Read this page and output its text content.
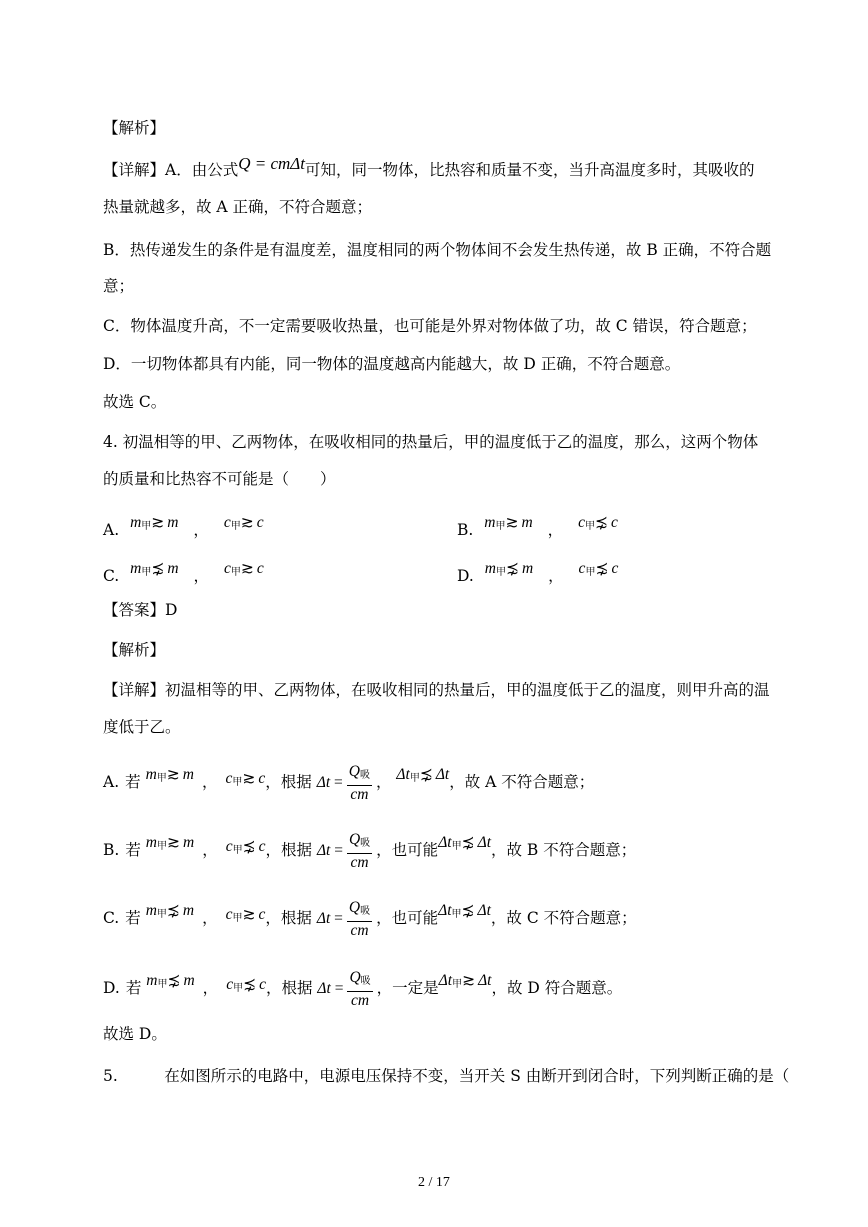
【解析】
【详解】A．由公式Q = cmΔt可知，同一物体，比热容和质量不变，当升高温度多时，其吸收的
热量就越多，故 A 正确，不符合题意；
B．热传递发生的条件是有温度差，温度相同的两个物体间不会发生热传递，故 B 正确，不符合题
意；
C．物体温度升高，不一定需要吸收热量，也可能是外界对物体做了功，故 C 错误，符合题意；
D．一切物体都具有内能，同一物体的温度越高内能越大，故 D 正确，不符合题意。
故选 C。
4. 初温相等的甲、乙两物体，在吸收相同的热量后，甲的温度低于乙的温度，那么，这两个物体
的质量和比热容不可能是（　　）
A. $m_甲≳$ m ， $c_甲≳$ c	B. $m_甲≳$ m ， $c_甲⋨$ c
C. $m_甲⋨$ m ， $c_甲≳$ c	D. $m_甲⋨$ m ， $c_甲⋨$ c
【答案】D
【解析】
【详解】初温相等的甲、乙两物体，在吸收相同的热量后，甲的温度低于乙的温度，则甲升高的温
度低于乙。
A. 若 $m_甲≳$ m ， $c_甲≳$ c，根据 $\Delta t = \frac{Q_吸}{cm}$ ， $\Delta t_甲⋨$ Δt，故 A 不符合题意；
B. 若 $m_甲≳$ m ， $c_甲⋨$ c，根据 $\Delta t = \frac{Q_吸}{cm}$ ，也可能$\Delta t_甲⋨$ Δt，故 B 不符合题意；
C. 若 $m_甲⋨$ m ， $c_甲≳$ c，根据 $\Delta t = \frac{Q_吸}{cm}$ ，也可能$\Delta t_甲⋨$ Δt，故 C 不符合题意；
D. 若 $m_甲⋨$ m ， $c_甲⋨$ c，根据 $\Delta t = \frac{Q_吸}{cm}$ ，一定是$\Delta t_甲≳$ Δt，故 D 符合题意。
故选 D。
5.　　　在如图所示的电路中，电源电压保持不变，当开关 S 由断开到闭合时，下列判断正确的是（
2 / 17
